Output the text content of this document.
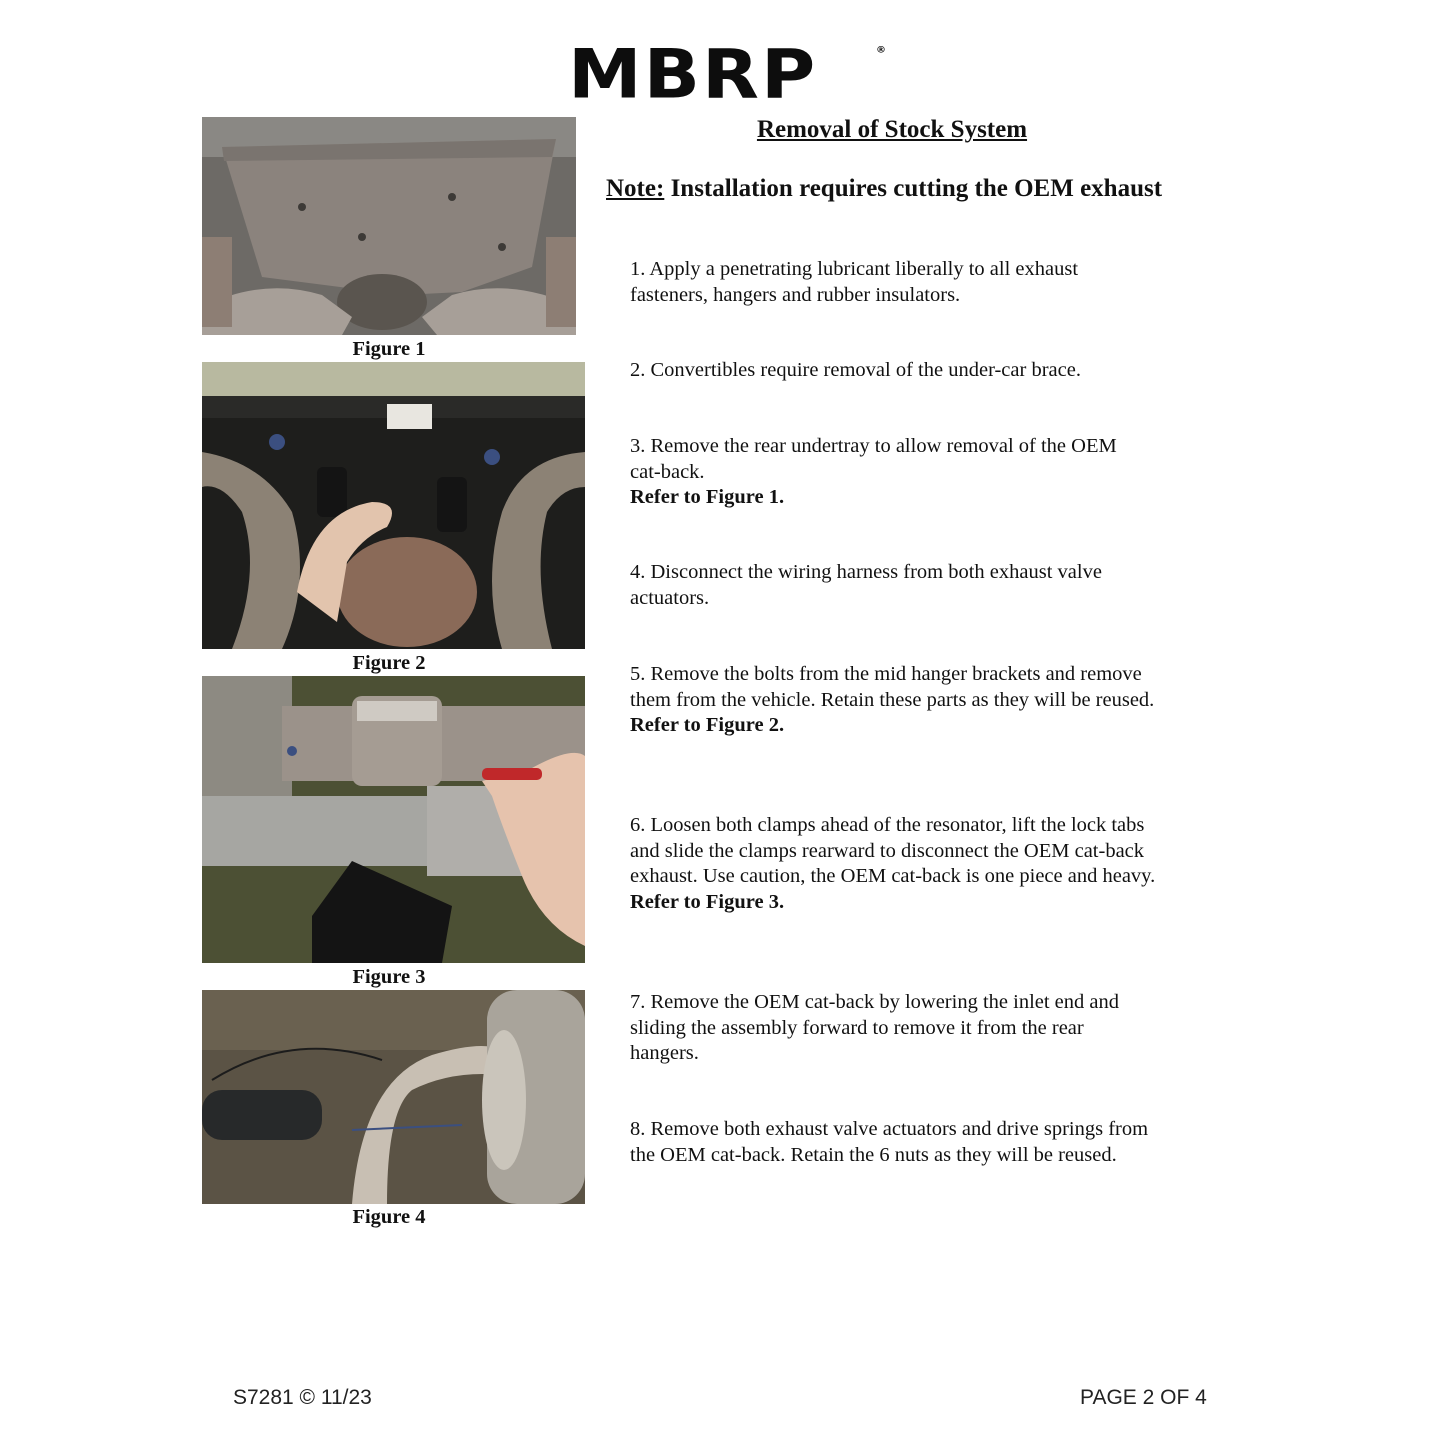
MBRP	®
Removal of Stock System
Note: Installation requires cutting the OEM exhaust
Figure 1
Figure 2
Figure 3
Figure 4
1. Apply a penetrating lubricant liberally to all exhaust fasteners, hangers and rubber insulators.
2. Convertibles require removal of the under-car brace.
3. Remove the rear undertray to allow removal of the OEM cat-back.
Refer to Figure 1.
4. Disconnect the wiring harness from both exhaust valve actuators.
5. Remove the bolts from the mid hanger brackets and remove them from the vehicle. Retain these parts as they will be reused.
Refer to Figure 2.
6. Loosen both clamps ahead of the resonator, lift the lock tabs and slide the clamps rearward to disconnect the OEM cat-back exhaust. Use caution, the OEM cat-back is one piece and heavy.
Refer to Figure 3.
7. Remove the OEM cat-back by lowering the inlet end and sliding the assembly forward to remove it from the rear hangers.
8. Remove both exhaust valve actuators and drive springs from the OEM cat-back. Retain the 6 nuts as they will be reused.
S7281 © 11/23	PAGE 2 OF 4
